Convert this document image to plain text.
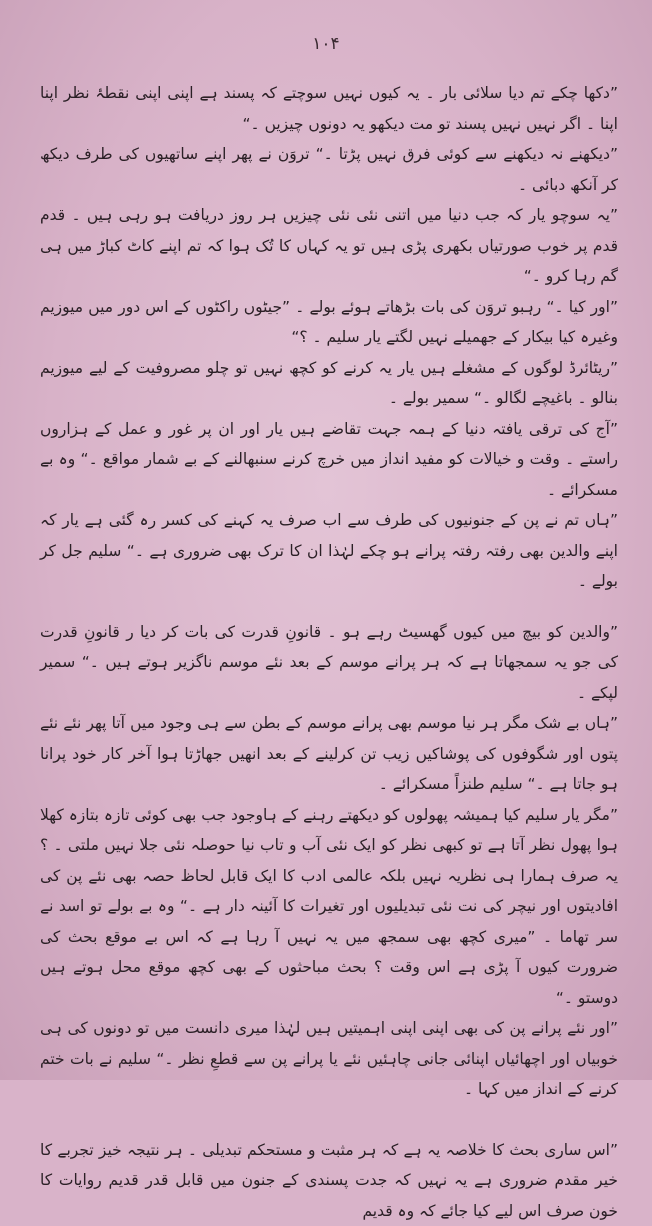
۱۰۴

”دکھا چکے تم دیا سلائی بار ۔ یہ کیوں نہیں سوچتے کہ پسند ہے اپنی اپنی نقطۂ نظر اپنا اپنا ۔ اگر نہیں نہیں پسند تو مت دیکھو یہ دونوں چیزیں ۔“

”دیکھنے نہ دیکھنے سے کوئی فرق نہیں پڑتا ۔“ تروَن نے پھر اپنے ساتھیوں کی طرف دیکھ کر آنکھ دبائی ۔

”یہ سوچو یار کہ جب دنیا میں اتنی نئی نئی چیزیں ہر روز دریافت ہو رہی ہیں ۔ قدم قدم پر خوب صورتیاں بکھری پڑی ہیں تو یہ کہاں کا تُک ہوا کہ تم اپنے کاٹ کباڑ میں ہی گم رہا کرو ۔“

”اور کیا ۔“ رہبو تروَن کی بات بڑھاتے ہوئے بولے ۔ ”جیٹوں راکٹوں کے اس دور میں میوزیم وغیرہ کیا بیکار کے جھمیلے نہیں لگتے یار سلیم ۔ ؟“

”ریٹائرڈ لوگوں کے مشغلے ہیں یار یہ کرنے کو کچھ نہیں تو چلو مصروفیت کے لیے میوزیم بنالو ۔ باغیچے لگالو ۔“ سمیر بولے ۔

”آج کی ترقی یافتہ دنیا کے ہمہ جہت تقاضے ہیں یار اور ان پر غور و عمل کے ہزاروں راستے ۔ وقت و خیالات کو مفید انداز میں خرچ کرنے سنبھالنے کے بے شمار مواقع ۔“ وہ بے مسکرائے ۔

”ہاں تم نے پن کے جنونیوں کی طرف سے اب صرف یہ کہنے کی کسر رہ گئی ہے یار کہ اپنے والدین بھی رفتہ رفتہ پرانے ہو چکے لہٰذا ان کا ترک بھی ضروری ہے ۔“ سلیم جل کر بولے ۔

”والدین کو بیچ میں کیوں گھسیٹ رہے ہو ۔ قانونِ قدرت کی بات کر دیا ر قانونِ قدرت کی جو یہ سمجھاتا ہے کہ ہر پرانے موسم کے بعد نئے موسم ناگزیر ہوتے ہیں ۔“ سمیر لپکے ۔

”ہاں بے شک مگر ہر نیا موسم بھی پرانے موسم کے بطن سے ہی وجود میں آتا پھر نئے نئے پتوں اور شگوفوں کی پوشاکیں زیب تن کرلینے کے بعد انھیں جھاڑتا ہوا آخر کار خود پرانا ہو جاتا ہے ۔“ سلیم طنزاً مسکرائے ۔

”مگر یار سلیم کیا ہمیشہ پھولوں کو دیکھتے رہنے کے ہاوجود جب بھی کوئی تازہ بتازہ کھلا ہوا پھول نظر آتا ہے تو کبھی نظر کو ایک نئی آب و تاب نیا حوصلہ نئی جلا نہیں ملتی ۔ ؟ یہ صرف ہمارا ہی نظریہ نہیں بلکہ عالمی ادب کا ایک قابل لحاظ حصہ بھی نئے پن کی افادیتوں اور نیچر کی نت نئی تبدیلیوں اور تغیرات کا آئینہ دار ہے ۔“ وہ بے بولے تو اسد نے سر تھاما ۔ ”میری کچھ بھی سمجھ میں یہ نہیں آ رہا ہے کہ اس بے موقع بحث کی ضرورت کیوں آ پڑی ہے اس وقت ؟ بحث مباحثوں کے بھی کچھ موقع محل ہوتے ہیں دوستو ۔“

”اور نئے پرانے پن کی بھی اپنی اپنی اہمیتیں ہیں لہٰذا میری دانست میں تو دونوں کی ہی خوبیاں اور اچھائیاں اپنائی جانی چاہئیں نئے یا پرانے پن سے قطعِ نظر ۔“ سلیم نے بات ختم کرنے کے انداز میں کہا ۔

”اس ساری بحث کا خلاصہ یہ ہے کہ ہر مثبت و مستحکم تبدیلی ۔ ہر نتیجہ خیز تجربے کا خیر مقدم ضروری ہے یہ نہیں کہ جدت پسندی کے جنون میں قابل قدر قدیم روایات کا خون صرف اس لیے کیا جائے کہ وہ قدیم
